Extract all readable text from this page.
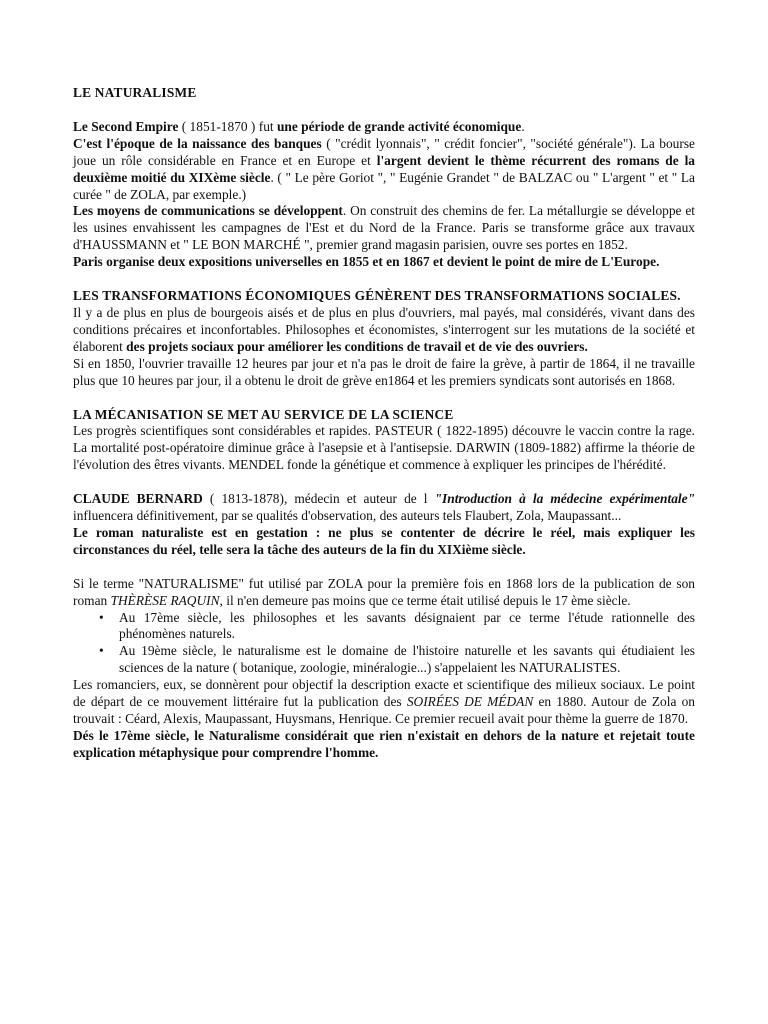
LE NATURALISME

Le Second Empire ( 1851-1870 ) fut une période de grande activité économique.

C'est l'époque de la naissance des banques ( "crédit lyonnais", " crédit foncier", "société générale"). La bourse joue un rôle considérable en France et en Europe et l'argent devient le thème récurrent des romans de la deuxième moitié du XIXème siècle. ( " Le père Goriot ", " Eugénie Grandet " de BALZAC ou " L'argent " et " La curée " de ZOLA, par exemple.)

Les moyens de communications se développent. On construit des chemins de fer. La métallurgie se développe et les usines envahissent les campagnes de l'Est et du Nord de la France. Paris se transforme grâce aux travaux d'HAUSSMANN et " LE BON MARCHÉ ", premier grand magasin parisien, ouvre ses portes en 1852.

Paris organise deux expositions universelles en 1855 et en 1867 et devient le point de mire de L'Europe.

LES TRANSFORMATIONS ÉCONOMIQUES GÉNÈRENT DES TRANSFORMATIONS SOCIALES.

Il y a de plus en plus de bourgeois aisés et de plus en plus d'ouvriers, mal payés, mal considérés, vivant dans des conditions précaires et inconfortables. Philosophes et économistes, s'interrogent sur les mutations de la société et élaborent des projets sociaux pour améliorer les conditions de travail et de vie des ouvriers.

Si en 1850, l'ouvrier travaille 12 heures par jour et n'a pas le droit de faire la grève, à partir de 1864, il ne travaille plus que 10 heures par jour, il a obtenu le droit de grève en1864 et les premiers syndicats sont autorisés en 1868.

LA MÉCANISATION SE MET AU SERVICE DE LA SCIENCE

Les progrès scientifiques sont considérables et rapides. PASTEUR ( 1822-1895) découvre le vaccin contre la rage. La mortalité post-opératoire diminue grâce à l'asepsie et à l'antisepsie. DARWIN (1809-1882) affirme la théorie de l'évolution des êtres vivants. MENDEL fonde la génétique et commence à expliquer les principes de l'hérédité.

CLAUDE BERNARD ( 1813-1878), médecin et auteur de l "Introduction à la médecine expérimentale" influencera définitivement, par se qualités d'observation, des auteurs tels Flaubert, Zola, Maupassant...

Le roman naturaliste est en gestation : ne plus se contenter de décrire le réel, mais expliquer les circonstances du réel, telle sera la tâche des auteurs de la fin du XIXième siècle.

Si le terme "NATURALISME" fut utilisé par ZOLA pour la première fois en 1868 lors de la publication de son roman THÈRÈSE RAQUIN, il n'en demeure pas moins que ce terme était utilisé depuis le 17 ème siècle.

• Au 17ème siècle, les philosophes et les savants désignaient par ce terme l'étude rationnelle des phénomènes naturels.
• Au 19ème siècle, le naturalisme est le domaine de l'histoire naturelle et les savants qui étudiaient les sciences de la nature ( botanique, zoologie, minéralogie...) s'appelaient les NATURALISTES.

Les romanciers, eux, se donnèrent pour objectif la description exacte et scientifique des milieux sociaux. Le point de départ de ce mouvement littéraire fut la publication des SOIRÉES DE MÉDAN en 1880. Autour de Zola on trouvait : Céard, Alexis, Maupassant, Huysmans, Henrique. Ce premier recueil avait pour thème la guerre de 1870.

Dés le 17ème siècle, le Naturalisme considérait que rien n'existait en dehors de la nature et rejetait toute explication métaphysique pour comprendre l'homme.
